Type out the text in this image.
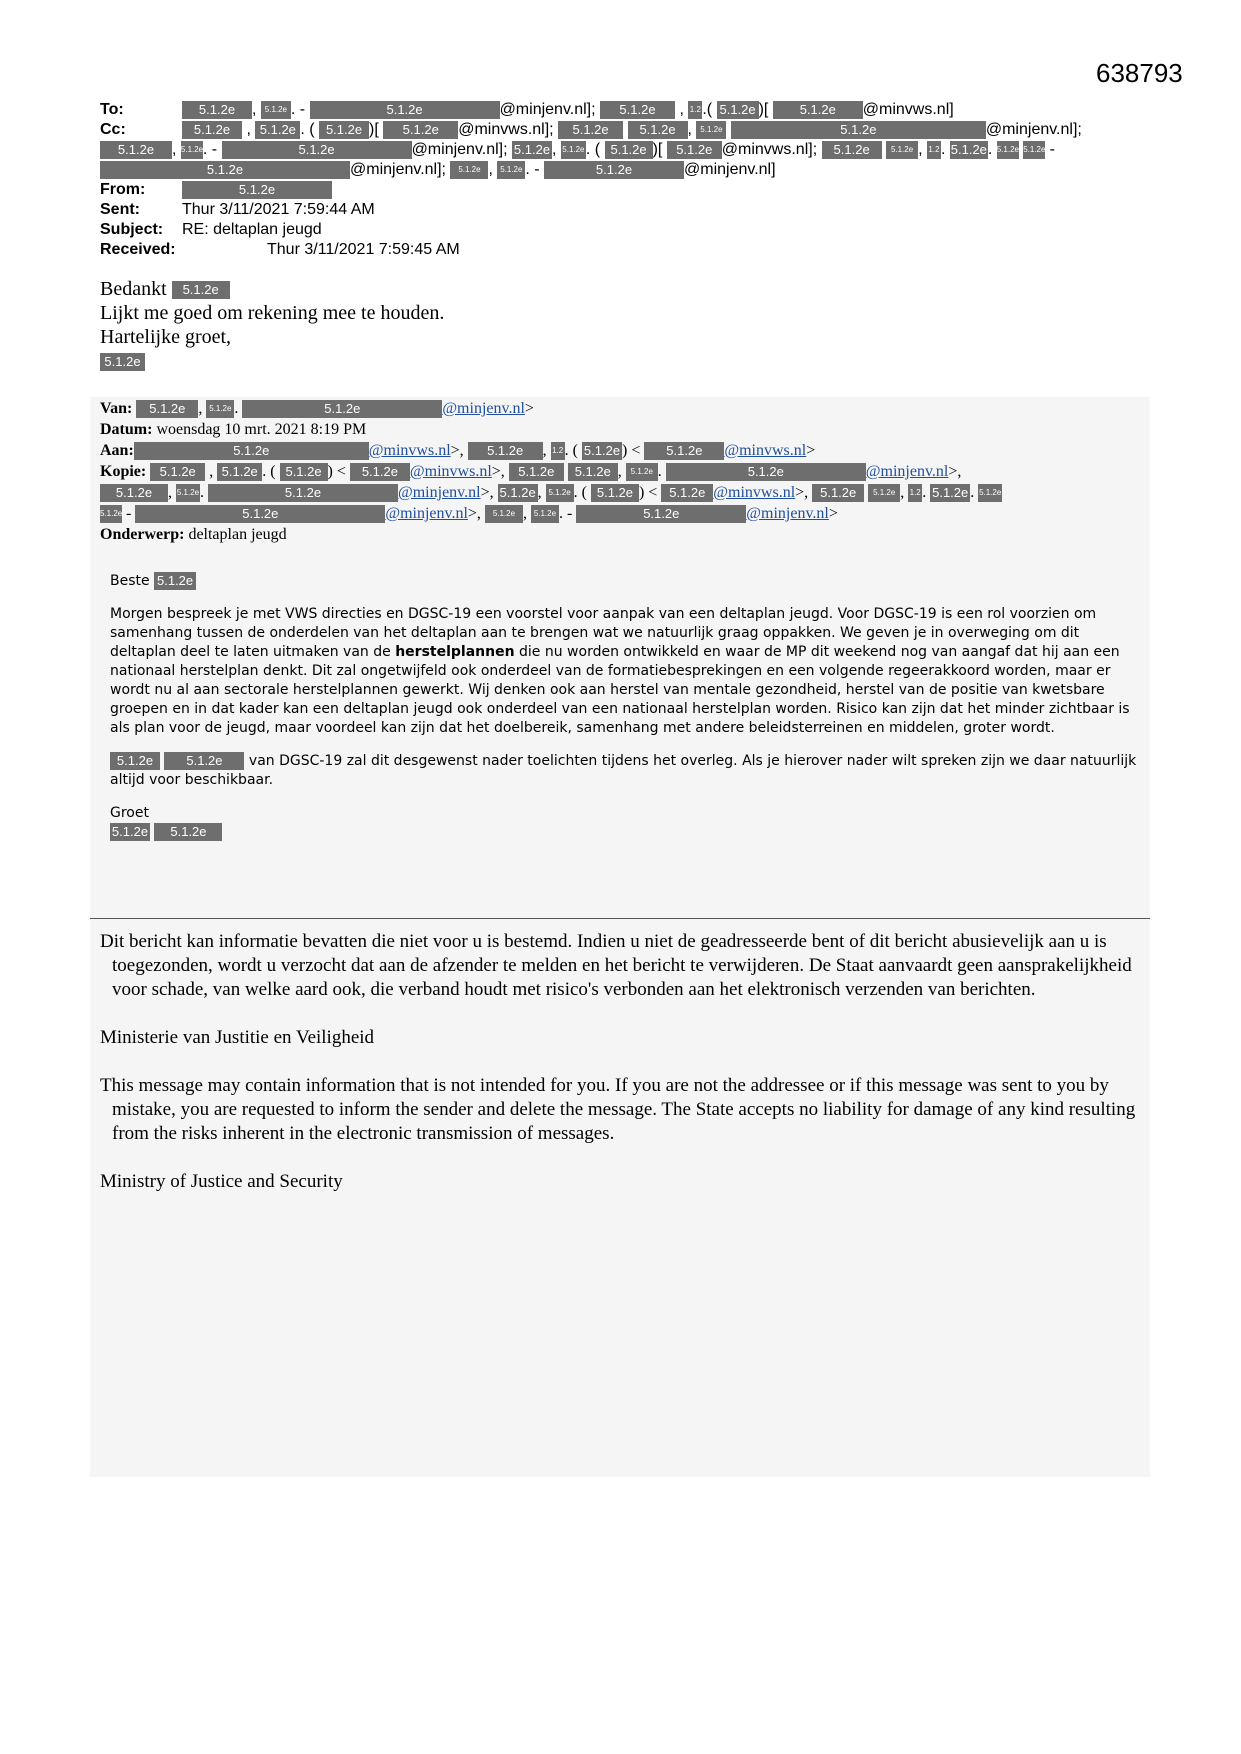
638793
To:	5.1.2e , 5.1.2e . -	5.1.2e	@minjenv.nl]; 5.1.2e , 1.2.( 5.1.2e )[ 5.1.2e @minvws.nl]
Cc:	5.1.2e , 5.1.2e . ( 5.1.2e )[ 5.1.2e @minvws.nl]; 5.1.2e 5.1.2e , 5.1.2e	5.1.2e	@minjenv.nl];
5.1.2e , 5.1.2e. -	5.1.2e	@minjenv.nl]; 5.1.2e , 5.1.2e. ( 5.1.2e )[ 5.1.2e @minvws.nl]; 5.1.2e	5.1.2e , 1.2. 5.1.2e. 5.1.2e 5.1.2e -
5.1.2e	@minjenv.nl]; 5.1.2e , 5.1.2e . -	5.1.2e	@minjenv.nl]
From:	5.1.2e
Sent:	Thur 3/11/2021 7:59:44 AM
Subject: RE: deltaplan jeugd
Received:	Thur 3/11/2021 7:59:45 AM
Bedankt 5.1.2e
Lijkt me goed om rekening mee te houden.
Hartelijke groet,
5.1.2e
Van: 5.1.2e , 5.1.2e .	5.1.2e	@minjenv.nl>
Datum: woensdag 10 mrt. 2021 8:19 PM
Aan:	5.1.2e	@minvws.nl>, 5.1.2e , 1.2. ( 5.1.2e ) < 5.1.2e @minvws.nl>
Kopie: 5.1.2e , 5.1.2e . ( 5.1.2e ) < 5.1.2e @minvws.nl>, 5.1.2e 5.1.2e , 5.1.2e .	5.1.2e	@minjenv.nl>,
5.1.2e , 5.1.2e.	5.1.2e	@minjenv.nl>, 5.1.2e , 5.1.2e . ( 5.1.2e ) < 5.1.2e @minvws.nl>, 5.1.2e 5.1.2e , 1.2. 5.1.2e . 5.1.2e
5.1.2e -	5.1.2e	@minjenv.nl>, 5.1.2e , 5.1.2e . -	5.1.2e	@minjenv.nl>
Onderwerp: deltaplan jeugd

Beste 5.1.2e

Morgen bespreek je met VWS directies en DGSC-19 een voorstel voor aanpak van een deltaplan jeugd. Voor DGSC-19 is een rol voorzien om samenhang tussen de onderdelen van het deltaplan aan te brengen wat we natuurlijk graag oppakken. We geven je in overweging om dit deltaplan deel te laten uitmaken van de herstelplannen die nu worden ontwikkeld en waar de MP dit weekend nog van aangaf dat hij aan een nationaal herstelplan denkt. Dit zal ongetwijfeld ook onderdeel van de formatiebesprekingen en een volgende regeerakkoord worden, maar er wordt nu al aan sectorale herstelplannen gewerkt. Wij denken ook aan herstel van mentale gezondheid, herstel van de positie van kwetsbare groepen en in dat kader kan een deltaplan jeugd ook onderdeel van een nationaal herstelplan worden. Risico kan zijn dat het minder zichtbaar is als plan voor de jeugd, maar voordeel kan zijn dat het doelbereik, samenhang met andere beleidsterreinen en middelen, groter wordt.

5.1.2e	5.1.2e van DGSC-19 zal dit desgewenst nader toelichten tijdens het overleg. Als je hierover nader wilt spreken zijn we daar natuurlijk altijd voor beschikbaar.

Groet

5.1.2e 5.1.2e

Dit bericht kan informatie bevatten die niet voor u is bestemd. Indien u niet de geadresseerde bent of dit bericht abusievelijk aan u is toegezonden, wordt u verzocht dat aan de afzender te melden en het bericht te verwijderen. De Staat aanvaardt geen aansprakelijkheid voor schade, van welke aard ook, die verband houdt met risico's verbonden aan het elektronisch verzenden van berichten.

Ministerie van Justitie en Veiligheid

This message may contain information that is not intended for you. If you are not the addressee or if this message was sent to you by mistake, you are requested to inform the sender and delete the message. The State accepts no liability for damage of any kind resulting from the risks inherent in the electronic transmission of messages.

Ministry of Justice and Security
